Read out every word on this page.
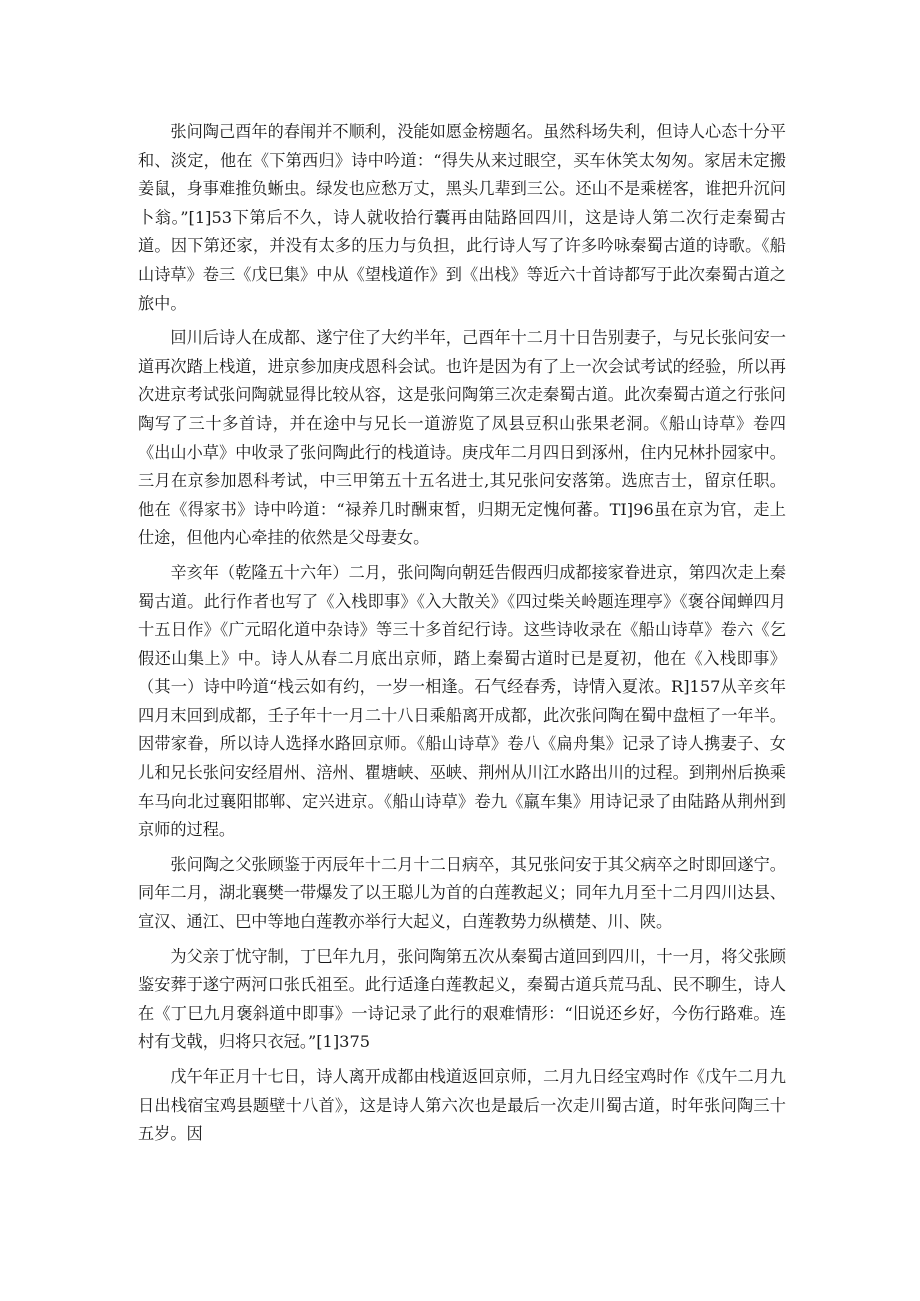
张问陶己酉年的春闱并不顺利，没能如愿金榜题名。虽然科场失利，但诗人心态十分平和、淡定，他在《下第西归》诗中吟道：“得失从来过眼空，买车休笑太匆匆。家居未定搬姜鼠，身事难推负蜥虫。绿发也应愁万丈，黑头几辈到三公。还山不是乘槎客，谁把升沉问卜翁。”[1]53下第后不久，诗人就收拾行囊再由陆路回四川，这是诗人第二次行走秦蜀古道。因下第还家，并没有太多的压力与负担，此行诗人写了许多吟咏秦蜀古道的诗歌。《船山诗草》卷三《戊巳集》中从《望栈道作》到《出栈》等近六十首诗都写于此次秦蜀古道之旅中。

回川后诗人在成都、遂宁住了大约半年，己酉年十二月十日告别妻子，与兄长张问安一道再次踏上栈道，进京参加庚戌恩科会试。也许是因为有了上一次会试考试的经验，所以再次进京考试张问陶就显得比较从容，这是张问陶第三次走秦蜀古道。此次秦蜀古道之行张问陶写了三十多首诗，并在途中与兄长一道游览了凤县豆积山张果老洞。《船山诗草》卷四《出山小草》中收录了张问陶此行的栈道诗。庚戌年二月四日到涿州，住内兄林扑园家中。三月在京参加恩科考试，中三甲第五十五名进士,其兄张问安落第。选庶吉士，留京任职。他在《得家书》诗中吟道：“禄养几时酬束皙，归期无定愧何蕃。TI]96虽在京为官，走上仕途，但他内心牵挂的依然是父母妻女。

辛亥年（乾隆五十六年）二月，张问陶向朝廷告假西归成都接家眷进京，第四次走上秦蜀古道。此行作者也写了《入栈即事》《入大散关》《四过柴关岭题连理亭》《褒谷闻蝉四月十五日作》《广元昭化道中杂诗》等三十多首纪行诗。这些诗收录在《船山诗草》卷六《乞假还山集上》中。诗人从春二月底出京师，踏上秦蜀古道时已是夏初，他在《入栈即事》（其一）诗中吟道“栈云如有约，一岁一相逢。石气经春秀，诗情入夏浓。R]157从辛亥年四月末回到成都，壬子年十一月二十八日乘船离开成都，此次张问陶在蜀中盘桓了一年半。因带家眷，所以诗人选择水路回京师。《船山诗草》卷八《扁舟集》记录了诗人携妻子、女儿和兄长张问安经眉州、涪州、瞿塘峡、巫峡、荆州从川江水路出川的过程。到荆州后换乘车马向北过襄阳邯郸、定兴进京。《船山诗草》卷九《羸车集》用诗记录了由陆路从荆州到京师的过程。

张问陶之父张顾鉴于丙辰年十二月十二日病卒，其兄张问安于其父病卒之时即回遂宁。同年二月，湖北襄樊一带爆发了以王聪儿为首的白莲教起义；同年九月至十二月四川达县、宣汉、通江、巴中等地白莲教亦举行大起义，白莲教势力纵横楚、川、陕。

为父亲丁忧守制，丁巳年九月，张问陶第五次从秦蜀古道回到四川，十一月，将父张顾鉴安葬于遂宁两河口张氏祖至。此行适逢白莲教起义，秦蜀古道兵荒马乱、民不聊生，诗人在《丁巳九月褒斜道中即事》一诗记录了此行的艰难情形：“旧说还乡好，今伤行路难。连村有戈戟，归将只衣冠。”[1]375

戊午年正月十七日，诗人离开成都由栈道返回京师，二月九日经宝鸡时作《戊午二月九日出栈宿宝鸡县题壁十八首》，这是诗人第六次也是最后一次走川蜀古道，时年张问陶三十五岁。因
